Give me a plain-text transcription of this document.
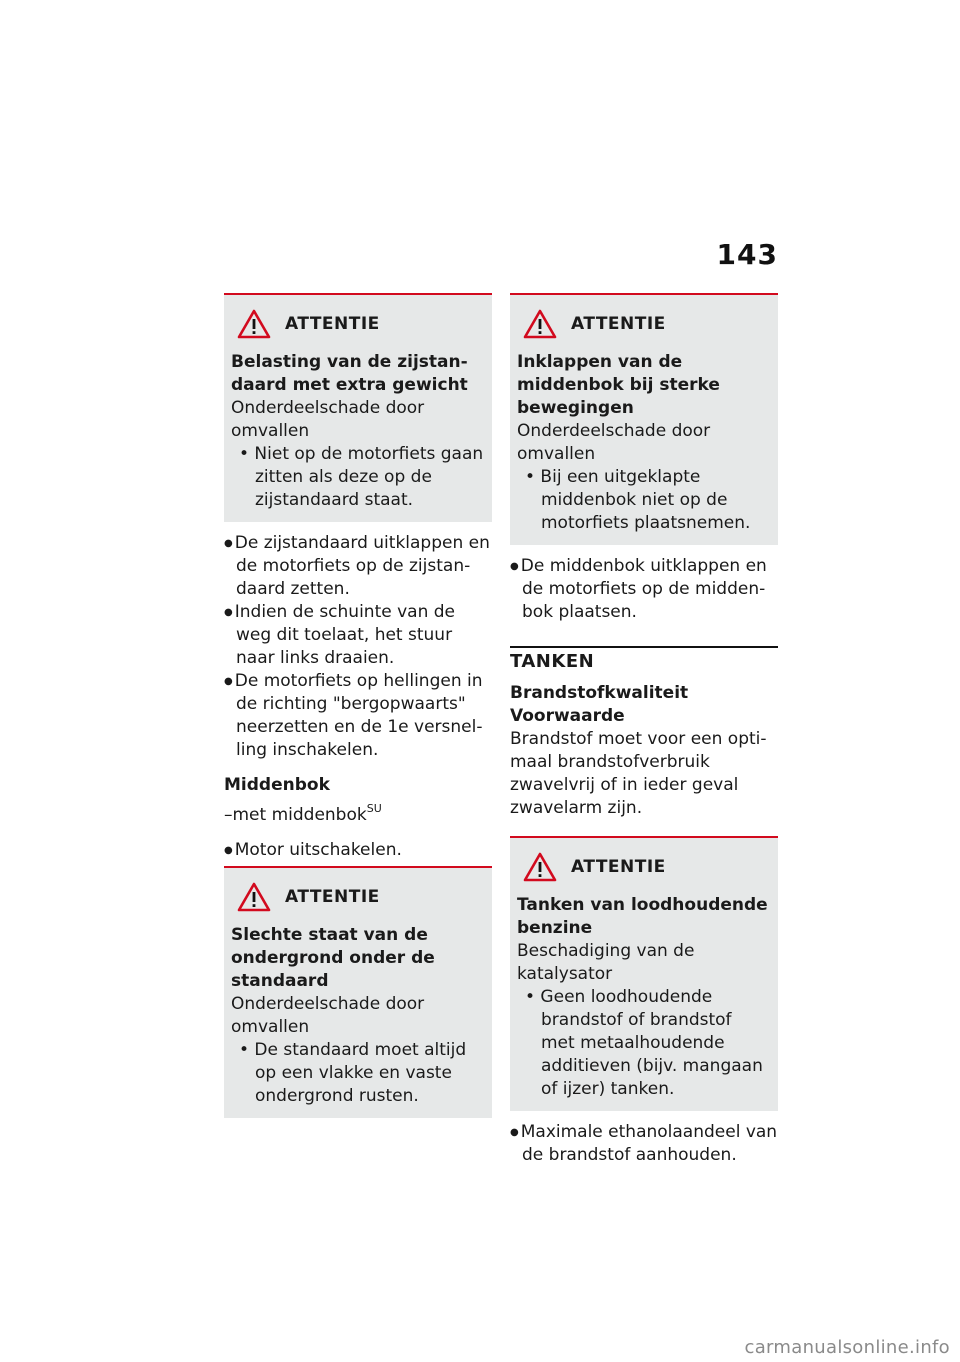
143
ATTENTIE
Belasting van de zijstandaard met extra gewicht
Onderdeelschade door omvallen
• Niet op de motorfiets gaan zitten als deze op de zijstandaard staat.
● De zijstandaard uitklappen en de motorfiets op de zijstandaard zetten.
● Indien de schuinte van de weg dit toelaat, het stuur naar links draaien.
● De motorfiets op hellingen in de richting "bergopwaarts" neerzetten en de 1e versnelling inschakelen.
Middenbok
–met middenbok$^{SU}$
● Motor uitschakelen.
ATTENTIE
Slechte staat van de ondergrond onder de standaard
Onderdeelschade door omvallen
• De standaard moet altijd op een vlakke en vaste ondergrond rusten.
ATTENTIE
Inklappen van de middenbok bij sterke bewegingen
Onderdeelschade door omvallen
• Bij een uitgeklapte middenbok niet op de motorfiets plaatsnemen.
● De middenbok uitklappen en de motorfiets op de middenbok plaatsen.
TANKEN
Brandstofkwaliteit
Voorwaarde
Brandstof moet voor een optimaal brandstofverbruik zwavelvrij of in ieder geval zwavelarm zijn.
ATTENTIE
Tanken van loodhoudende benzine
Beschadiging van de katalysator
• Geen loodhoudende brandstof of brandstof met metaalhoudende additieven (bijv. mangaan of ijzer) tanken.
● Maximale ethanolaandeel van de brandstof aanhouden.
carmanualsonline.info
